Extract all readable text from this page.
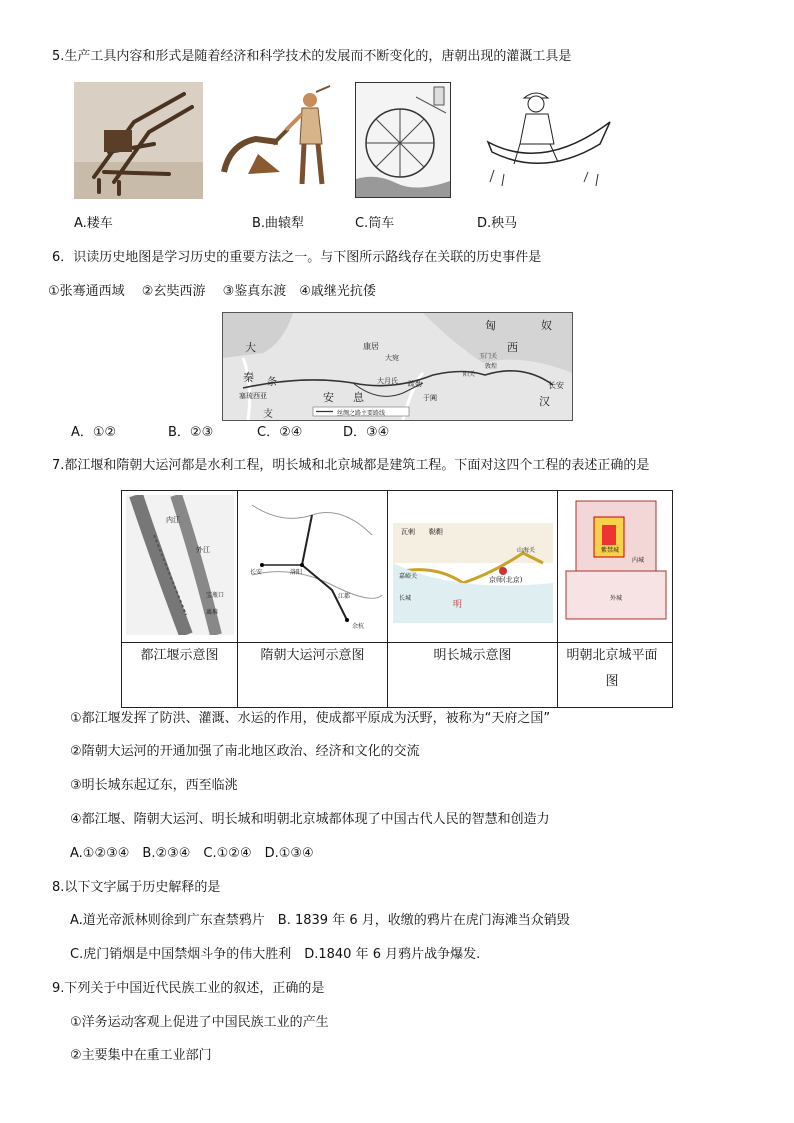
5.生产工具内容和形式是随着经济和科学技术的发展而不断变化的，唐朝出现的灌溉工具是
A.耧车	B.曲辕犁	C.筒车	D.秧马
6．识读历史地图是学习历史的重要方法之一。与下图所示路线存在关联的历史事件是
①张骞通西域　 ②玄奘西游　 ③鉴真东渡　④戚继光抗倭
匈	奴
西
大
秦 条
支
安 息
康居
大宛
大月氏 疏勒
于阗
长安
汉
敦煌
阳关
玉门关
塞琉西亚
丝绸之路主要路线
A．①②	B．②③	C．②④	D．③④
7.都江堰和隋朝大运河都是水利工程，明长城和北京城都是建筑工程。下面对这四个工程的表述正确的是
内江
外江
宝瓶口
离堆
长安	洛阳
江都
余杭
瓦剌 鞑靼
京师(北京)
明
长城
嘉峪关
山海关	紫禁城
内城
外城
都江堰示意图	隋朝大运河示意图	明长城示意图	明朝北京城平面图
①都江堰发挥了防洪、灌溉、水运的作用，使成都平原成为沃野，被称为“天府之国”
②隋朝大运河的开通加强了南北地区政治、经济和文化的交流
③明长城东起辽东，西至临洮
④都江堰、隋朝大运河、明长城和明朝北京城都体现了中国古代人民的智慧和创造力
A.①②③④　B.②③④　C.①②④　D.①③④
8.以下文字属于历史解释的是
A.道光帝派林则徐到广东查禁鸦片　B. 1839 年 6 月，收缴的鸦片在虎门海滩当众销毁
C.虎门销烟是中国禁烟斗争的伟大胜利　D.1840 年 6 月鸦片战争爆发.
9.下列关于中国近代民族工业的叙述，正确的是
①洋务运动客观上促进了中国民族工业的产生
②主要集中在重工业部门
